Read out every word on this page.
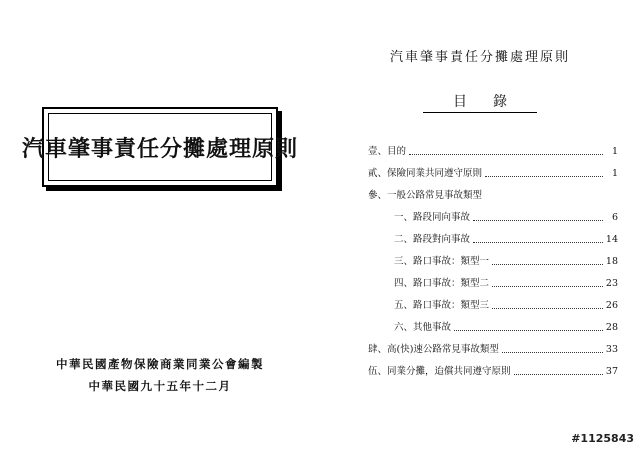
汽車肇事責任分攤處理原則
中華民國產物保險商業同業公會編製
中華民國九十五年十二月
汽車肇事責任分攤處理原則
目錄
壹、目的	1
貳、保險同業共同遵守原則	1
參、一般公路常見事故類型
一、路段同向事故	6
二、路段對向事故	14
三、路口事故：類型一	18
四、路口事故：類型二	23
五、路口事故：類型三	26
六、其他事故	28
肆、高(快)速公路常見事故類型	33
伍、同業分攤，迨償共同遵守原則	37
#1125843
